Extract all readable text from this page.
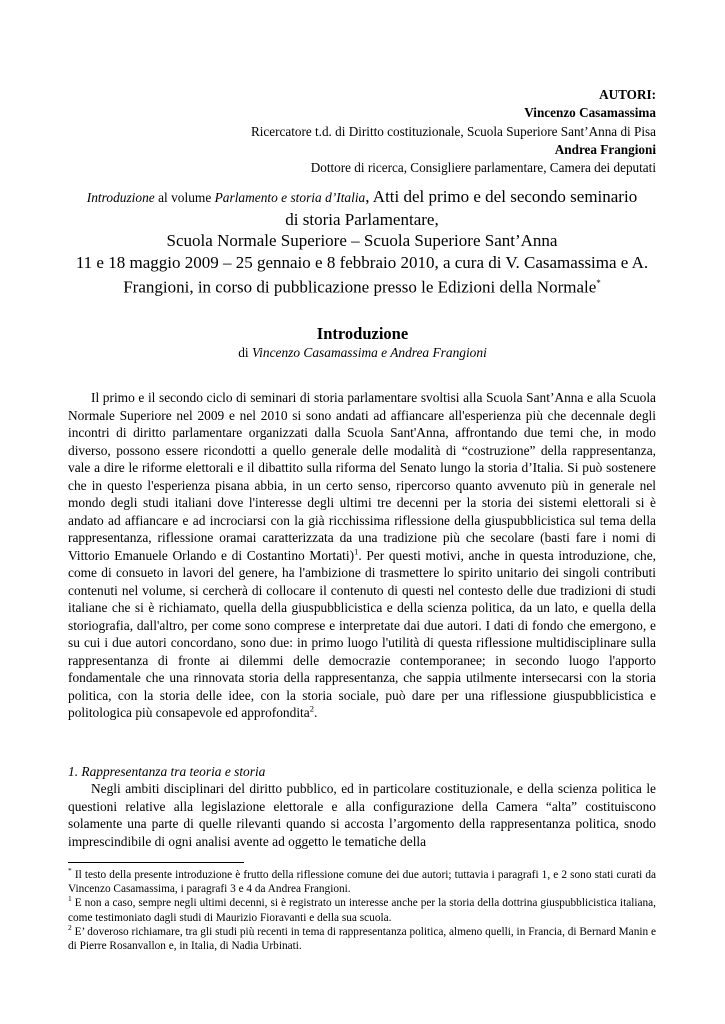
AUTORI:
Vincenzo Casamassima
Ricercatore t.d. di Diritto costituzionale, Scuola Superiore Sant’Anna di Pisa
Andrea Frangioni
Dottore di ricerca, Consigliere parlamentare, Camera dei deputati
Introduzione al volume Parlamento e storia d’Italia, Atti del primo e del secondo seminario
di storia Parlamentare,
Scuola Normale Superiore – Scuola Superiore Sant’Anna
11 e 18 maggio 2009 – 25 gennaio e 8 febbraio 2010, a cura di V. Casamassima e A.
Frangioni, in corso di pubblicazione presso le Edizioni della Normale*
Introduzione
di Vincenzo Casamassima e Andrea Frangioni

Il primo e il secondo ciclo di seminari di storia parlamentare svoltisi alla Scuola Sant’Anna e alla Scuola Normale Superiore nel 2009 e nel 2010 si sono andati ad affiancare all'esperienza più che decennale degli incontri di diritto parlamentare organizzati dalla Scuola Sant'Anna, affrontando due temi che, in modo diverso, possono essere ricondotti a quello generale delle modalità di “costruzione” della rappresentanza, vale a dire le riforme elettorali e il dibattito sulla riforma del Senato lungo la storia d’Italia. Si può sostenere che in questo l'esperienza pisana abbia, in un certo senso, ripercorso quanto avvenuto più in generale nel mondo degli studi italiani dove l'interesse degli ultimi tre decenni per la storia dei sistemi elettorali si è andato ad affiancare e ad incrociarsi con la già ricchissima riflessione della giuspubblicistica sul tema della rappresentanza, riflessione oramai caratterizzata da una tradizione più che secolare (basti fare i nomi di Vittorio Emanuele Orlando e di Costantino Mortati)$^1$. Per questi motivi, anche in questa introduzione, che, come di consueto in lavori del genere, ha l'ambizione di trasmettere lo spirito unitario dei singoli contributi contenuti nel volume, si cercherà di collocare il contenuto di questi nel contesto delle due tradizioni di studi italiane che si è richiamato, quella della giuspubblicistica e della scienza politica, da un lato, e quella della storiografia, dall'altro, per come sono comprese e interpretate dai due autori. I dati di fondo che emergono, e su cui i due autori concordano, sono due: in primo luogo l'utilità di questa riflessione multidisciplinare sulla rappresentanza di fronte ai dilemmi delle democrazie contemporanee; in secondo luogo l'apporto fondamentale che una rinnovata storia della rappresentanza, che sappia utilmente intersecarsi con la storia politica, con la storia delle idee, con la storia sociale, può dare per una riflessione giuspubblicistica e politologica più consapevole ed approfondita$^2$.

1. Rappresentanza tra teoria e storia

Negli ambiti disciplinari del diritto pubblico, ed in particolare costituzionale, e della scienza politica le questioni relative alla legislazione elettorale e alla configurazione della Camera “alta” costituiscono solamente una parte di quelle rilevanti quando si accosta l’argomento della rappresentanza politica, snodo imprescindibile di ogni analisi avente ad oggetto le tematiche della

* Il testo della presente introduzione è frutto della riflessione comune dei due autori; tuttavia i paragrafi 1, e 2 sono stati curati da Vincenzo Casamassima, i paragrafi 3 e 4 da Andrea Frangioni.

$^1$ E non a caso, sempre negli ultimi decenni, si è registrato un interesse anche per la storia della dottrina giuspubblicistica italiana, come testimoniato dagli studi di Maurizio Fioravanti e della sua scuola.

$^2$ E’ doveroso richiamare, tra gli studi più recenti in tema di rappresentanza politica, almeno quelli, in Francia, di Bernard Manin e di Pierre Rosanvallon e, in Italia, di Nadia Urbinati.
